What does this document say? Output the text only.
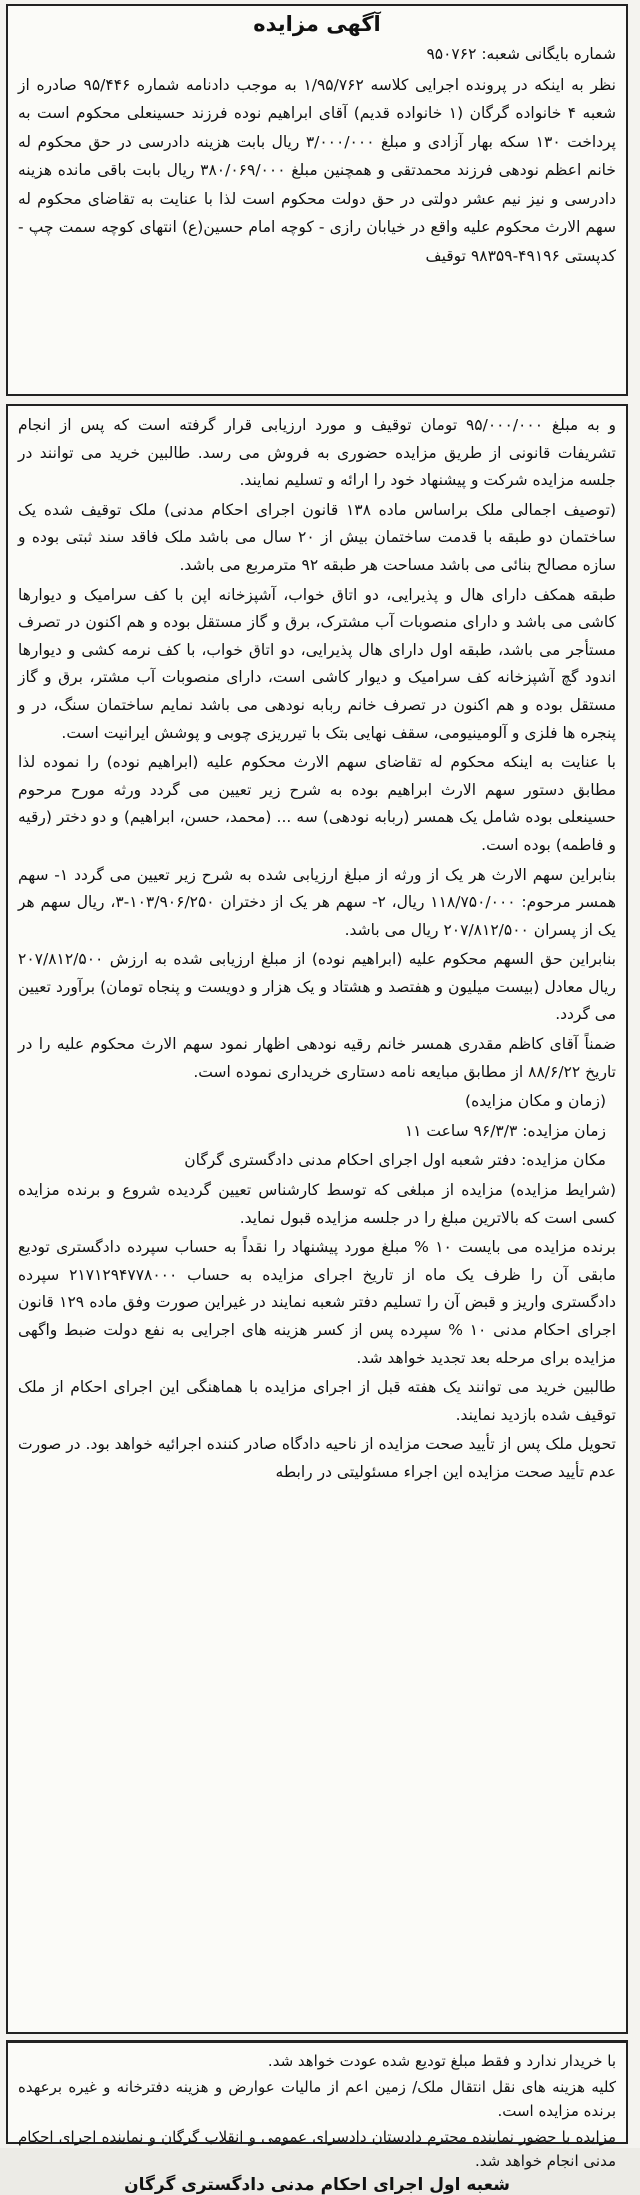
آگهی مزایده

شماره بایگانی شعبه: ۹۵۰۷۶۲

نظر به اینکه در پرونده اجرایی کلاسه ۱/۹۵/۷۶۲ به موجب دادنامه شماره ۹۵/۴۴۶ صادره از شعبه ۴ خانواده گرگان (۱ خانواده قدیم) آقای ابراهیم نوده فرزند حسینعلی محکوم است به پرداخت ۱۳۰ سکه بهار آزادی و مبلغ ۳/۰۰۰/۰۰۰ ریال بابت هزینه دادرسی در حق محکوم له خانم اعظم نودهی فرزند محمدتقی و همچنین مبلغ ۳۸۰/۰۶۹/۰۰۰ ریال بابت باقی مانده هزینه دادرسی و نیز نیم عشر دولتی در حق دولت محکوم است لذا با عنایت به تقاضای محکوم له سهم الارث محکوم علیه واقع در خیابان رازی - کوچه امام حسین(ع) انتهای کوچه سمت چپ - کدپستی ۴۹۱۹۶-۹۸۳۵۹ توقیف

و به مبلغ ۹۵/۰۰۰/۰۰۰ تومان توقیف و مورد ارزیابی قرار گرفته است که پس از انجام تشریفات قانونی از طریق مزایده حضوری به فروش می رسد. طالبین خرید می توانند در جلسه مزایده شرکت و پیشنهاد خود را ارائه و تسلیم نمایند.

(توصیف اجمالی ملک براساس ماده ۱۳۸ قانون اجرای احکام مدنی) ملک توقیف شده یک ساختمان دو طبقه با قدمت ساختمان بیش از ۲۰ سال می باشد ملک فاقد سند ثبتی بوده و سازه مصالح بنائی می باشد مساحت هر طبقه ۹۲ مترمربع می باشد.

طبقه همکف دارای هال و پذیرایی، دو اتاق خواب، آشپزخانه اپن با کف سرامیک و دیوارها کاشی می باشد و دارای منصوبات آب مشترک، برق و گاز مستقل بوده و هم اکنون در تصرف مستأجر می باشد، طبقه اول دارای هال پذیرایی، دو اتاق خواب، با کف نرمه کشی و دیوارها اندود گچ آشپزخانه کف سرامیک و دیوار کاشی است، دارای منصوبات آب مشتر، برق و گاز مستقل بوده و هم اکنون در تصرف خانم ربابه نودهی می باشد نمایم ساختمان سنگ، در و پنجره ها فلزی و آلومینیومی، سقف نهایی بتک با تیرریزی چوبی و پوشش ایرانیت است.

با عنایت به اینکه محکوم له تقاضای سهم الارث محکوم علیه (ابراهیم نوده) را نموده لذا مطابق دستور سهم الارث ابراهیم بوده به شرح زیر تعیین می گردد ورثه مورح مرحوم حسینعلی بوده شامل یک همسر (ربابه نودهی) سه ... (محمد، حسن، ابراهیم) و دو دختر (رقیه و فاطمه) بوده است.

بنابراین سهم الارث هر یک از ورثه از مبلغ ارزیابی شده به شرح زیر تعیین می گردد ۱- سهم همسر مرحوم: ۱۱۸/۷۵۰/۰۰۰ ریال، ۲- سهم هر یک از دختران ۱۰۳/۹۰۶/۲۵۰-۳، ریال سهم هر یک از پسران ۲۰۷/۸۱۲/۵۰۰ ریال می باشد.

بنابراین حق السهم محکوم علیه (ابراهیم نوده) از مبلغ ارزیابی شده به ارزش ۲۰۷/۸۱۲/۵۰۰ ریال معادل (بیست میلیون و هفتصد و هشتاد و یک هزار و دویست و پنجاه تومان) برآورد تعیین می گردد.

ضمناً آقای کاظم مقدری همسر خانم رقیه نودهی اظهار نمود سهم الارث محکوم علیه را در تاریخ ۸۸/۶/۲۲ از مطابق مبایعه نامه دستاری خریداری نموده است.

(زمان و مکان مزایده)

زمان مزایده: ۹۶/۳/۳ ساعت ۱۱

مکان مزایده: دفتر شعبه اول اجرای احکام مدنی دادگستری گرگان

(شرایط مزایده) مزایده از مبلغی که توسط کارشناس تعیین گردیده شروع و برنده مزایده کسی است که بالاترین مبلغ را در جلسه مزایده قبول نماید.

برنده مزایده می بایست ۱۰ % مبلغ مورد پیشنهاد را نقداً به حساب سپرده دادگستری تودیع مابقی آن را ظرف یک ماه از تاریخ اجرای مزایده به حساب ۲۱۷۱۲۹۴۷۷۸۰۰۰ سپرده دادگستری واریز و قبض آن را تسلیم دفتر شعبه نمایند در غیراین صورت وفق ماده ۱۲۹ قانون اجرای احکام مدنی ۱۰ % سپرده پس از کسر هزینه های اجرایی به نفع دولت ضبط واگهی مزایده برای مرحله بعد تجدید خواهد شد.

طالبین خرید می توانند یک هفته قبل از اجرای مزایده با هماهنگی این اجرای احکام از ملک توقیف شده بازدید نمایند.

تحویل ملک پس از تأیید صحت مزایده از ناحیه دادگاه صادر کننده اجرائیه خواهد بود. در صورت عدم تأیید صحت مزایده این اجراء مسئولیتی در رابطه

با خریدار ندارد و فقط مبلغ تودیع شده عودت خواهد شد.

کلیه هزینه های نقل انتقال ملک/ زمین اعم از مالیات عوارض و هزینه دفترخانه و غیره برعهده برنده مزایده است.

مزایده با حضور نماینده محترم دادستان دادسرای عمومی و انقلاب گرگان و نماینده اجرای احکام مدنی انجام خواهد شد.

شعبه اول اجرای احکام مدنی دادگستری گرگان
